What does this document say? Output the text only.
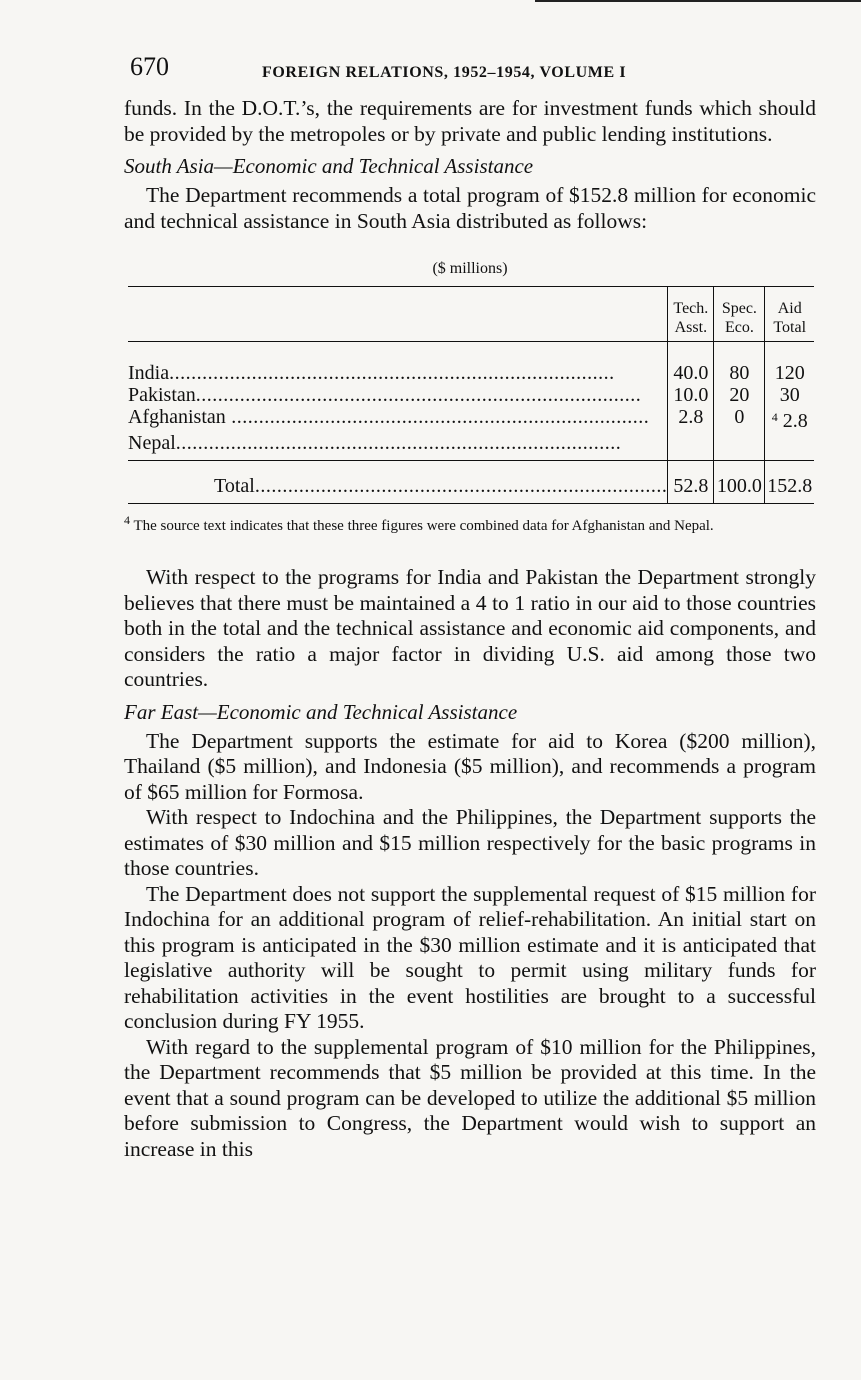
670	FOREIGN RELATIONS, 1952–1954, VOLUME I

funds. In the D.O.T.’s, the requirements are for investment funds which should be provided by the metropoles or by private and public lending institutions.

South Asia—Economic and Technical Assistance

The Department recommends a total program of $152.8 million for economic and technical assistance in South Asia distributed as follows:

($ millions)
	Tech. Asst.	Spec. Eco.	Aid Total
India.................................................................................	40.0	80	120
Pakistan.................................................................................	10.0	20	30
Afghanistan ............................................................................	2.8	0	$^4$ 2.8
Nepal.................................................................................			
Total...........................................................................	52.8	100.0	152.8
$^4$ The source text indicates that these three figures were combined data for Afghanistan and Nepal.

With respect to the programs for India and Pakistan the Department strongly believes that there must be maintained a 4 to 1 ratio in our aid to those countries both in the total and the technical assistance and economic aid components, and considers the ratio a major factor in dividing U.S. aid among those two countries.

Far East—Economic and Technical Assistance

The Department supports the estimate for aid to Korea ($200 million), Thailand ($5 million), and Indonesia ($5 million), and recommends a program of $65 million for Formosa.

With respect to Indochina and the Philippines, the Department supports the estimates of $30 million and $15 million respectively for the basic programs in those countries.

The Department does not support the supplemental request of $15 million for Indochina for an additional program of relief-rehabilitation. An initial start on this program is anticipated in the $30 million estimate and it is anticipated that legislative authority will be sought to permit using military funds for rehabilitation activities in the event hostilities are brought to a successful conclusion during FY 1955.

With regard to the supplemental program of $10 million for the Philippines, the Department recommends that $5 million be provided at this time. In the event that a sound program can be developed to utilize the additional $5 million before submission to Congress, the Department would wish to support an increase in this
